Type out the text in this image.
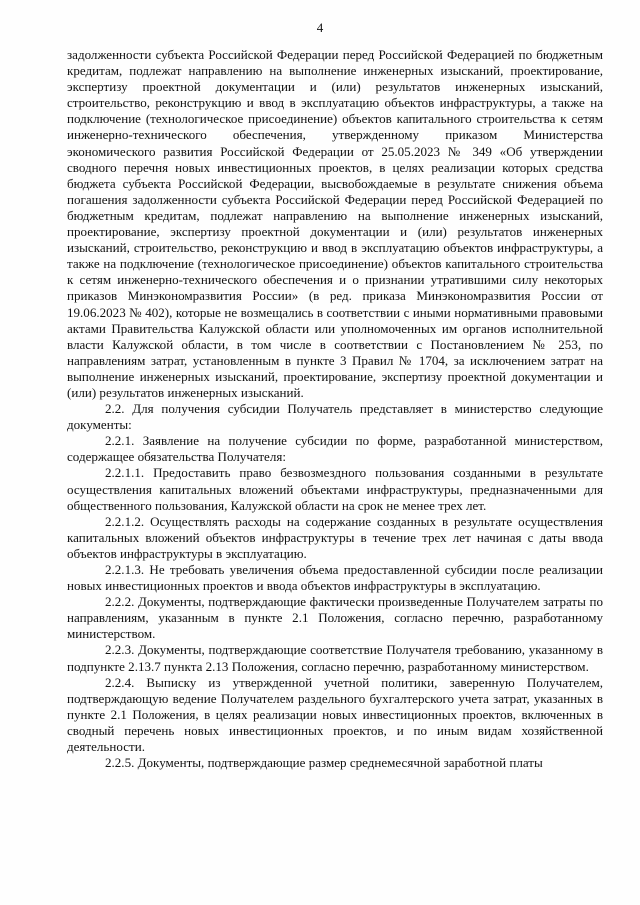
4

задолженности субъекта Российской Федерации перед Российской Федерацией по бюджетным кредитам, подлежат направлению на выполнение инженерных изысканий, проектирование, экспертизу проектной документации и (или) результатов инженерных изысканий, строительство, реконструкцию и ввод в эксплуатацию объектов инфраструктуры, а также на подключение (технологическое присоединение) объектов капитального строительства к сетям инженерно-технического обеспечения, утвержденному приказом Министерства экономического развития Российской Федерации от 25.05.2023 № 349 «Об утверждении сводного перечня новых инвестиционных проектов, в целях реализации которых средства бюджета субъекта Российской Федерации, высвобождаемые в результате снижения объема погашения задолженности субъекта Российской Федерации перед Российской Федерацией по бюджетным кредитам, подлежат направлению на выполнение инженерных изысканий, проектирование, экспертизу проектной документации и (или) результатов инженерных изысканий, строительство, реконструкцию и ввод в эксплуатацию объектов инфраструктуры, а также на подключение (технологическое присоединение) объектов капитального строительства к сетям инженерно-технического обеспечения и о признании утратившими силу некоторых приказов Минэкономразвития России» (в ред. приказа Минэкономразвития России от 19.06.2023 № 402), которые не возмещались в соответствии с иными нормативными правовыми актами Правительства Калужской области или уполномоченных им органов исполнительной власти Калужской области, в том числе в соответствии с Постановлением № 253, по направлениям затрат, установленным в пункте 3 Правил № 1704, за исключением затрат на выполнение инженерных изысканий, проектирование, экспертизу проектной документации и (или) результатов инженерных изысканий.

2.2. Для получения субсидии Получатель представляет в министерство следующие документы:

2.2.1. Заявление на получение субсидии по форме, разработанной министерством, содержащее обязательства Получателя:

2.2.1.1. Предоставить право безвозмездного пользования созданными в результате осуществления капитальных вложений объектами инфраструктуры, предназначенными для общественного пользования, Калужской области на срок не менее трех лет.

2.2.1.2. Осуществлять расходы на содержание созданных в результате осуществления капитальных вложений объектов инфраструктуры в течение трех лет начиная с даты ввода объектов инфраструктуры в эксплуатацию.

2.2.1.3. Не требовать увеличения объема предоставленной субсидии после реализации новых инвестиционных проектов и ввода объектов инфраструктуры в эксплуатацию.

2.2.2. Документы, подтверждающие фактически произведенные Получателем затраты по направлениям, указанным в пункте 2.1 Положения, согласно перечню, разработанному министерством.

2.2.3. Документы, подтверждающие соответствие Получателя требованию, указанному в подпункте 2.13.7 пункта 2.13 Положения, согласно перечню, разработанному министерством.

2.2.4. Выписку из утвержденной учетной политики, заверенную Получателем, подтверждающую ведение Получателем раздельного бухгалтерского учета затрат, указанных в пункте 2.1 Положения, в целях реализации новых инвестиционных проектов, включенных в сводный перечень новых инвестиционных проектов, и по иным видам хозяйственной деятельности.

2.2.5. Документы, подтверждающие размер среднемесячной заработной платы
